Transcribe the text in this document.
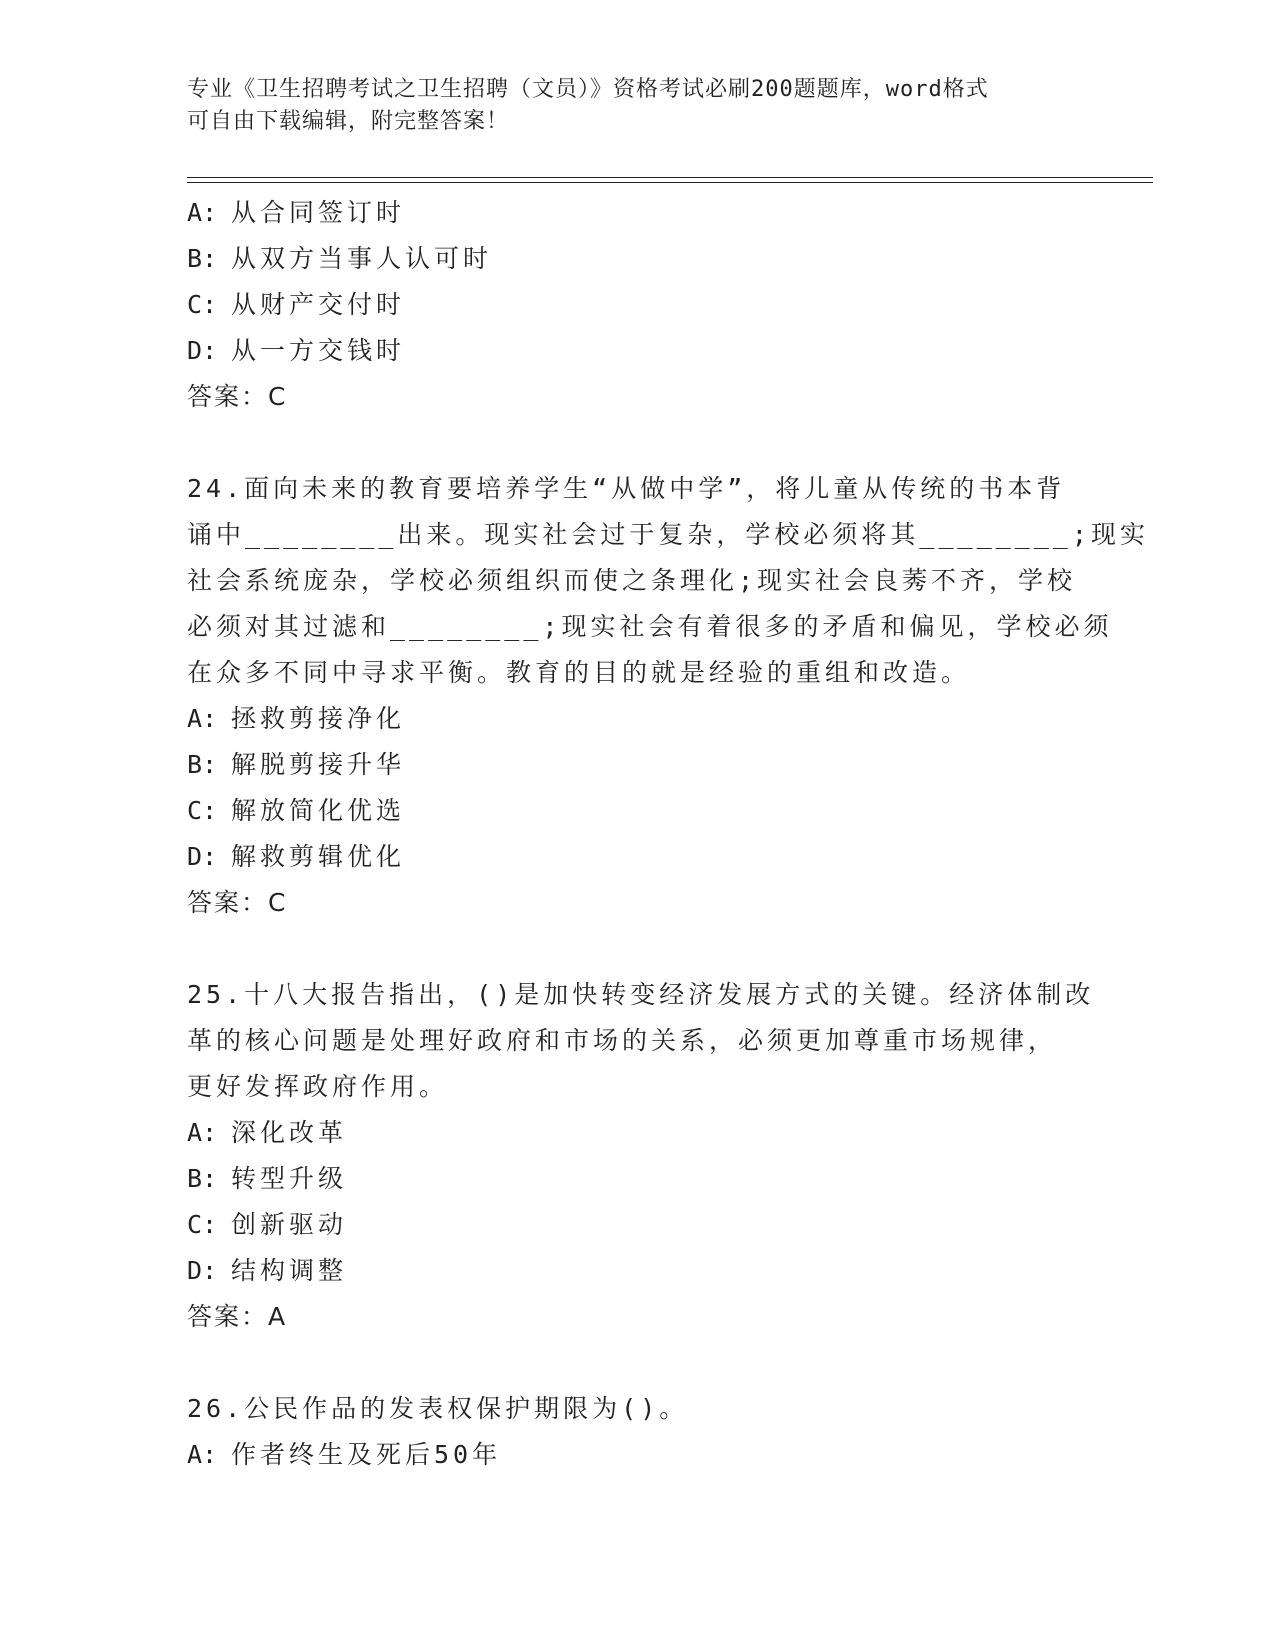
专业《卫生招聘考试之卫生招聘（文员）》资格考试必刷200题题库，word格式
可自由下载编辑，附完整答案！

A: 从合同签订时

B: 从双方当事人认可时

C: 从财产交付时

D: 从一方交钱时

答案：C

24.面向未来的教育要培养学生“从做中学”，将儿童从传统的书本背

诵中________出来。现实社会过于复杂，学校必须将其________;现实

社会系统庞杂，学校必须组织而使之条理化;现实社会良莠不齐，学校

必须对其过滤和________;现实社会有着很多的矛盾和偏见，学校必须

在众多不同中寻求平衡。教育的目的就是经验的重组和改造。

A: 拯救剪接净化

B: 解脱剪接升华

C: 解放简化优选

D: 解救剪辑优化

答案：C

25.十八大报告指出，()是加快转变经济发展方式的关键。经济体制改

革的核心问题是处理好政府和市场的关系，必须更加尊重市场规律，

更好发挥政府作用。

A: 深化改革

B: 转型升级

C: 创新驱动

D: 结构调整

答案：A

26.公民作品的发表权保护期限为()。

A: 作者终生及死后50年
